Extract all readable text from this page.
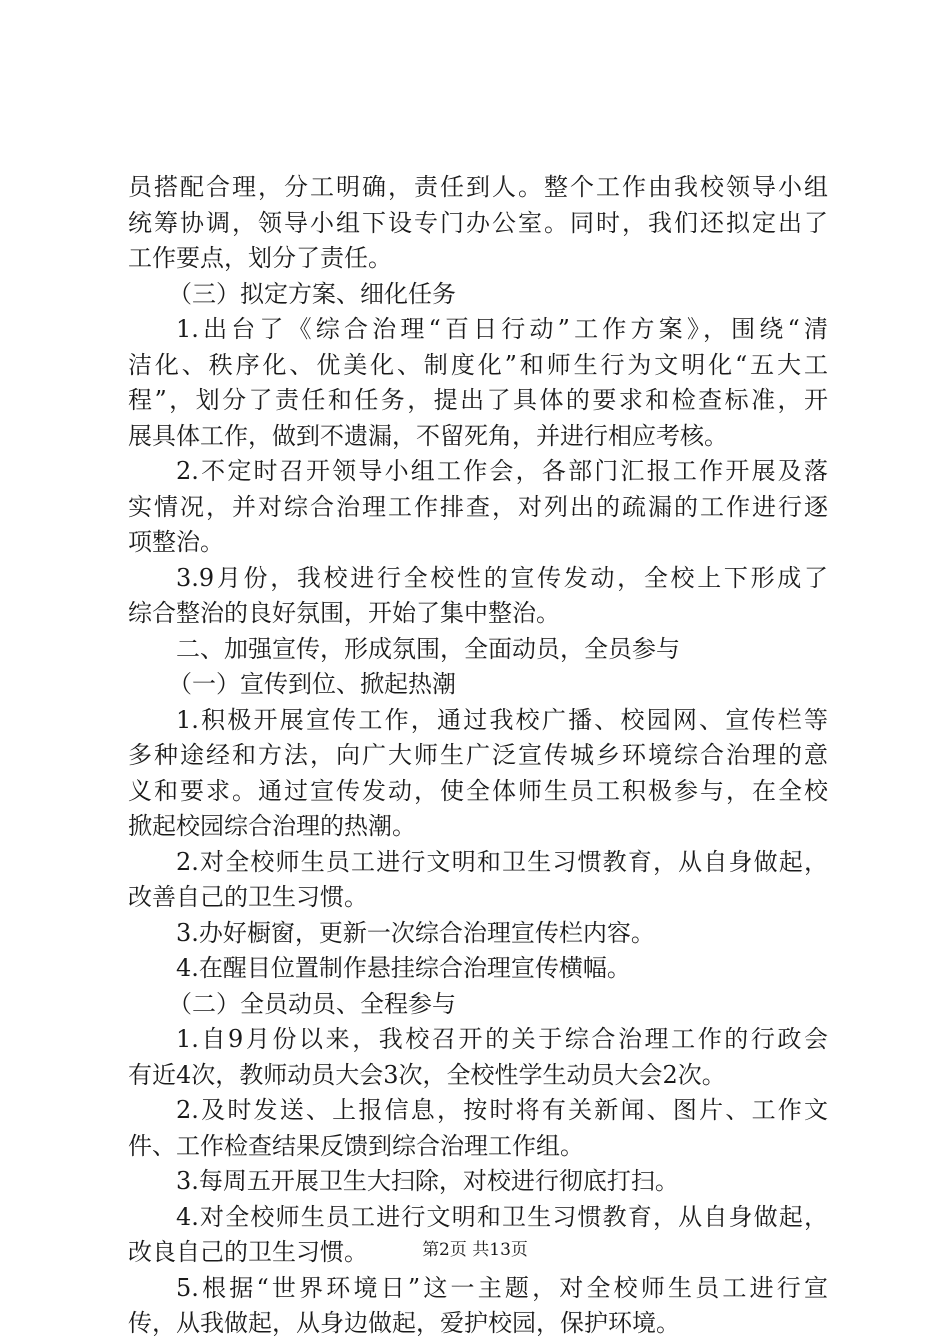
员搭配合理，分工明确，责任到人。整个工作由我校领导小组
统筹协调，领导小组下设专门办公室。同时，我们还拟定出了
工作要点，划分了责任。
（三）拟定方案、细化任务
1.出台了《综合治理“百日行动”工作方案》，围绕“清
洁化、秩序化、优美化、制度化”和师生行为文明化“五大工
程”，划分了责任和任务，提出了具体的要求和检查标准，开
展具体工作，做到不遗漏，不留死角，并进行相应考核。
2.不定时召开领导小组工作会，各部门汇报工作开展及落
实情况，并对综合治理工作排查，对列出的疏漏的工作进行逐
项整治。
3.9月份，我校进行全校性的宣传发动，全校上下形成了
综合整治的良好氛围，开始了集中整治。
二、加强宣传，形成氛围，全面动员，全员参与
（一）宣传到位、掀起热潮
1.积极开展宣传工作，通过我校广播、校园网、宣传栏等
多种途经和方法，向广大师生广泛宣传城乡环境综合治理的意
义和要求。通过宣传发动，使全体师生员工积极参与，在全校
掀起校园综合治理的热潮。
2.对全校师生员工进行文明和卫生习惯教育，从自身做起，
改善自己的卫生习惯。
3.办好橱窗，更新一次综合治理宣传栏内容。
4.在醒目位置制作悬挂综合治理宣传横幅。
（二）全员动员、全程参与
1.自9月份以来，我校召开的关于综合治理工作的行政会
有近4次，教师动员大会3次，全校性学生动员大会2次。
2.及时发送、上报信息，按时将有关新闻、图片、工作文
件、工作检查结果反馈到综合治理工作组。
3.每周五开展卫生大扫除，对校进行彻底打扫。
4.对全校师生员工进行文明和卫生习惯教育，从自身做起，
改良自己的卫生习惯。
5.根据“世界环境日”这一主题，对全校师生员工进行宣
传，从我做起，从身边做起，爱护校园，保护环境。
第2页 共13页
